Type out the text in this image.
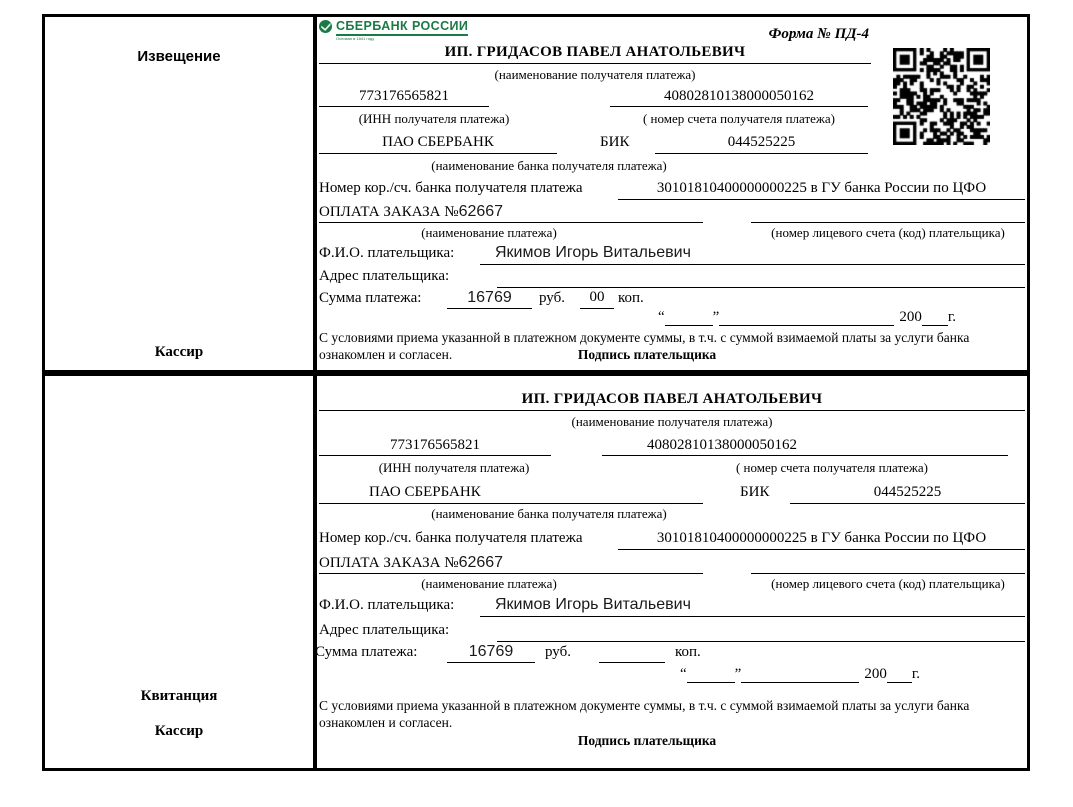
Извещение
Кассир
СБЕРБАНК РОССИИ
Основан в 1841 году	Форма № ПД-4
ИП. ГРИДАСОВ ПАВЕЛ АНАТОЛЬЕВИЧ
(наименование получателя платежа)
773176565821	40802810138000050162
(ИНН получателя платежа)	( номер счета получателя платежа)
ПАО СБЕРБАНК	БИК	044525225
(наименование банка получателя платежа)
Номер кор./сч. банка получателя платежа	30101810400000000225 в ГУ банка России по ЦФО
ОПЛАТА ЗАКАЗА №62667
(наименование платежа)	(номер лицевого счета (код) плательщика)
Ф.И.О. плательщика:	Якимов Игорь Витальевич
Адрес плательщика:
Сумма платежа:	16769	руб.	00 коп.
“	”	200 г.
С условиями приема указанной в платежном документе суммы, в т.ч. с суммой взимаемой платы за услуги банка
ознакомлен и согласен.	Подпись плательщика
Квитанция
Кассир
ИП. ГРИДАСОВ ПАВЕЛ АНАТОЛЬЕВИЧ
(наименование получателя платежа)
773176565821	40802810138000050162
(ИНН получателя платежа)	( номер счета получателя платежа)
ПАО СБЕРБАНК	БИК	044525225
(наименование банка получателя платежа)
Номер кор./сч. банка получателя платежа	30101810400000000225 в ГУ банка России по ЦФО
ОПЛАТА ЗАКАЗА №62667
(наименование платежа)	(номер лицевого счета (код) плательщика)
Ф.И.О. плательщика:	Якимов Игорь Витальевич
Адрес плательщика:
Сумма платежа:	16769	руб.	коп.
“	”	200 г.
С условиями приема указанной в платежном документе суммы, в т.ч. с суммой взимаемой платы за услуги банка
ознакомлен и согласен.
Подпись плательщика
